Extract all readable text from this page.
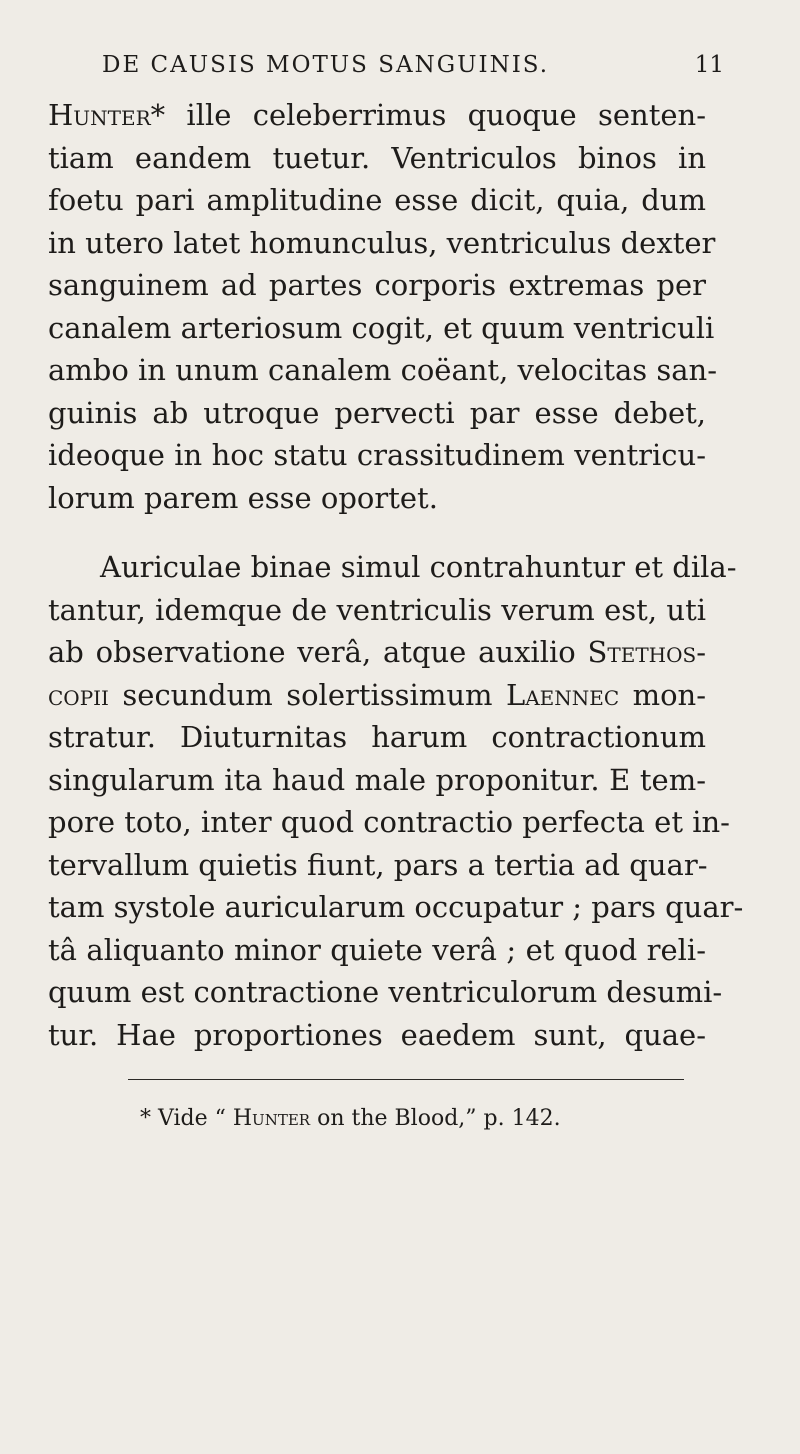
DE CAUSIS MOTUS SANGUINIS.	11
Hunter* ille celeberrimus quoque senten-
tiam eandem tuetur. Ventriculos binos in
foetu pari amplitudine esse dicit, quia, dum
in utero latet homunculus, ventriculus dexter
sanguinem ad partes corporis extremas per
canalem arteriosum cogit, et quum ventriculi
ambo in unum canalem coëant, velocitas san-
guinis ab utroque pervecti par esse debet,
ideoque in hoc statu crassitudinem ventricu-
lorum parem esse oportet.
Auriculae binae simul contrahuntur et dila-
tantur, idemque de ventriculis verum est, uti
ab observatione verâ, atque auxilio Stethos-
copii secundum solertissimum Laennec mon-
stratur. Diuturnitas harum contractionum
singularum ita haud male proponitur. E tem-
pore toto, inter quod contractio perfecta et in-
tervallum quietis fiunt, pars a tertia ad quar-
tam systole auricularum occupatur ; pars quar-
tâ aliquanto minor quiete verâ ; et quod reli-
quum est contractione ventriculorum desumi-
tur. Hae proportiones eaedem sunt, quae-
* Vide “ Hunter on the Blood,” p. 142.
